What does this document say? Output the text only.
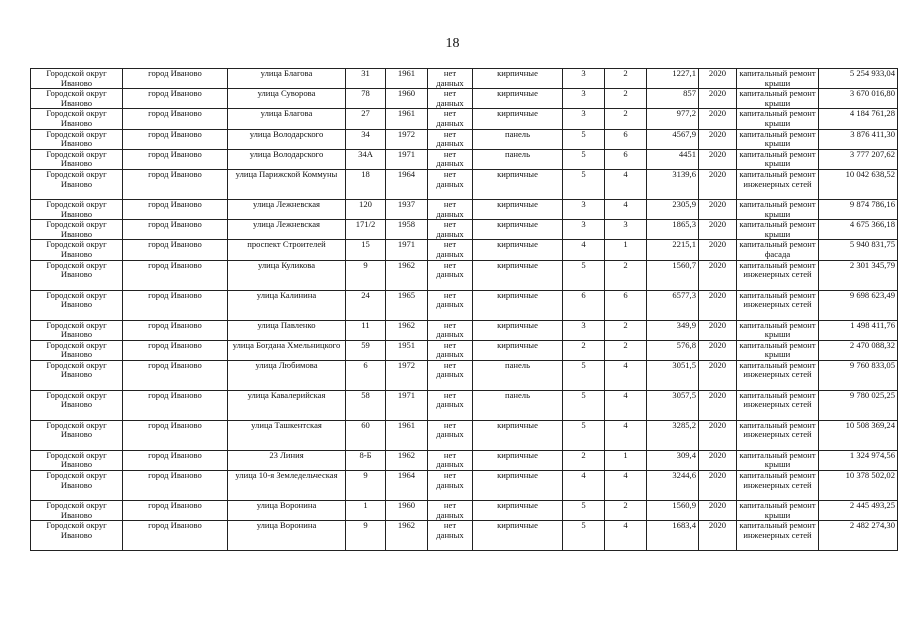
18
Городской округ Иваново	город Иваново	улица Благова	31	1961	нет данных	кирпичные	3	2	1227,1	2020	капитальный ремонт крыши	5 254 933,04
Городской округ Иваново	город Иваново	улица Суворова	78	1960	нет данных	кирпичные	3	2	857	2020	капитальный ремонт крыши	3 670 016,80
Городской округ Иваново	город Иваново	улица Благова	27	1961	нет данных	кирпичные	3	2	977,2	2020	капитальный ремонт крыши	4 184 761,28
Городской округ Иваново	город Иваново	улица Володарского	34	1972	нет данных	панель	5	6	4567,9	2020	капитальный ремонт крыши	3 876 411,30
Городской округ Иваново	город Иваново	улица Володарского	34А	1971	нет данных	панель	5	6	4451	2020	капитальный ремонт крыши	3 777 207,62
Городской округ Иваново	город Иваново	улица Парижской Коммуны	18	1964	нет данных	кирпичные	5	4	3139,6	2020	капитальный ремонт инженерных сетей	10 042 638,52
Городской округ Иваново	город Иваново	улица Лежневская	120	1937	нет данных	кирпичные	3	4	2305,9	2020	капитальный ремонт крыши	9 874 786,16
Городской округ Иваново	город Иваново	улица Лежневская	171/2	1958	нет данных	кирпичные	3	3	1865,3	2020	капитальный ремонт крыши	4 675 366,18
Городской округ Иваново	город Иваново	проспект Строителей	15	1971	нет данных	кирпичные	4	1	2215,1	2020	капитальный ремонт фасада	5 940 831,75
Городской округ Иваново	город Иваново	улица Куликова	9	1962	нет данных	кирпичные	5	2	1560,7	2020	капитальный ремонт инженерных сетей	2 301 345,79
Городской округ Иваново	город Иваново	улица Калинина	24	1965	нет данных	кирпичные	6	6	6577,3	2020	капитальный ремонт инженерных сетей	9 698 623,49
Городской округ Иваново	город Иваново	улица Павленко	11	1962	нет данных	кирпичные	3	2	349,9	2020	капитальный ремонт крыши	1 498 411,76
Городской округ Иваново	город Иваново	улица Богдана Хмельницкого	59	1951	нет данных	кирпичные	2	2	576,8	2020	капитальный ремонт крыши	2 470 088,32
Городской округ Иваново	город Иваново	улица Любимова	6	1972	нет данных	панель	5	4	3051,5	2020	капитальный ремонт инженерных сетей	9 760 833,05
Городской округ Иваново	город Иваново	улица Кавалерийская	58	1971	нет данных	панель	5	4	3057,5	2020	капитальный ремонт инженерных сетей	9 780 025,25
Городской округ Иваново	город Иваново	улица Ташкентская	60	1961	нет данных	кирпичные	5	4	3285,2	2020	капитальный ремонт инженерных сетей	10 508 369,24
Городской округ Иваново	город Иваново	23 Линия	8-Б	1962	нет данных	кирпичные	2	1	309,4	2020	капитальный ремонт крыши	1 324 974,56
Городской округ Иваново	город Иваново	улица 10-я Земледельческая	9	1964	нет данных	кирпичные	4	4	3244,6	2020	капитальный ремонт инженерных сетей	10 378 502,02
Городской округ Иваново	город Иваново	улица Воронина	1	1960	нет данных	кирпичные	5	2	1560,9	2020	капитальный ремонт крыши	2 445 493,25
Городской округ Иваново	город Иваново	улица Воронина	9	1962	нет данных	кирпичные	5	4	1683,4	2020	капитальный ремонт инженерных сетей	2 482 274,30
